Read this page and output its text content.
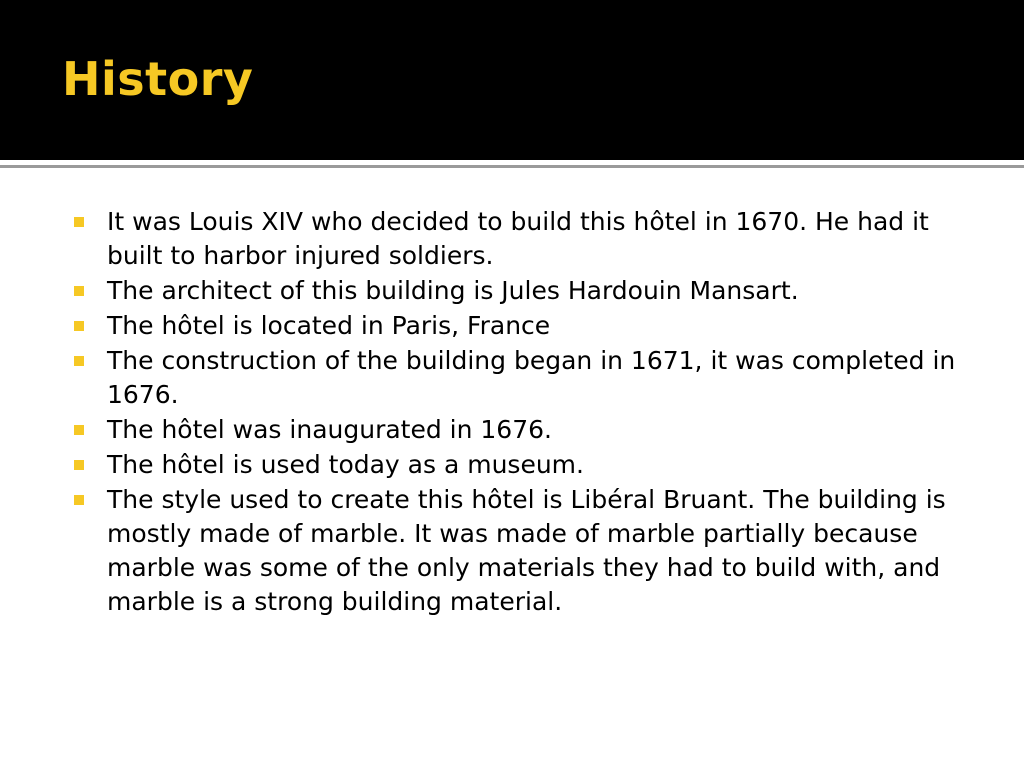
History
It was Louis XIV who decided to build this hôtel in 1670. He had it built to harbor injured soldiers.
The architect of this building is Jules Hardouin Mansart.
The hôtel is located in Paris, France
The construction of the building began in 1671, it was completed in 1676.
The hôtel was inaugurated in 1676.
The hôtel is used today as a museum.
The style used to create this hôtel is Libéral Bruant. The building is mostly made of marble. It was made of marble partially because marble was some of the only materials they had to build with, and marble is a strong building material.
